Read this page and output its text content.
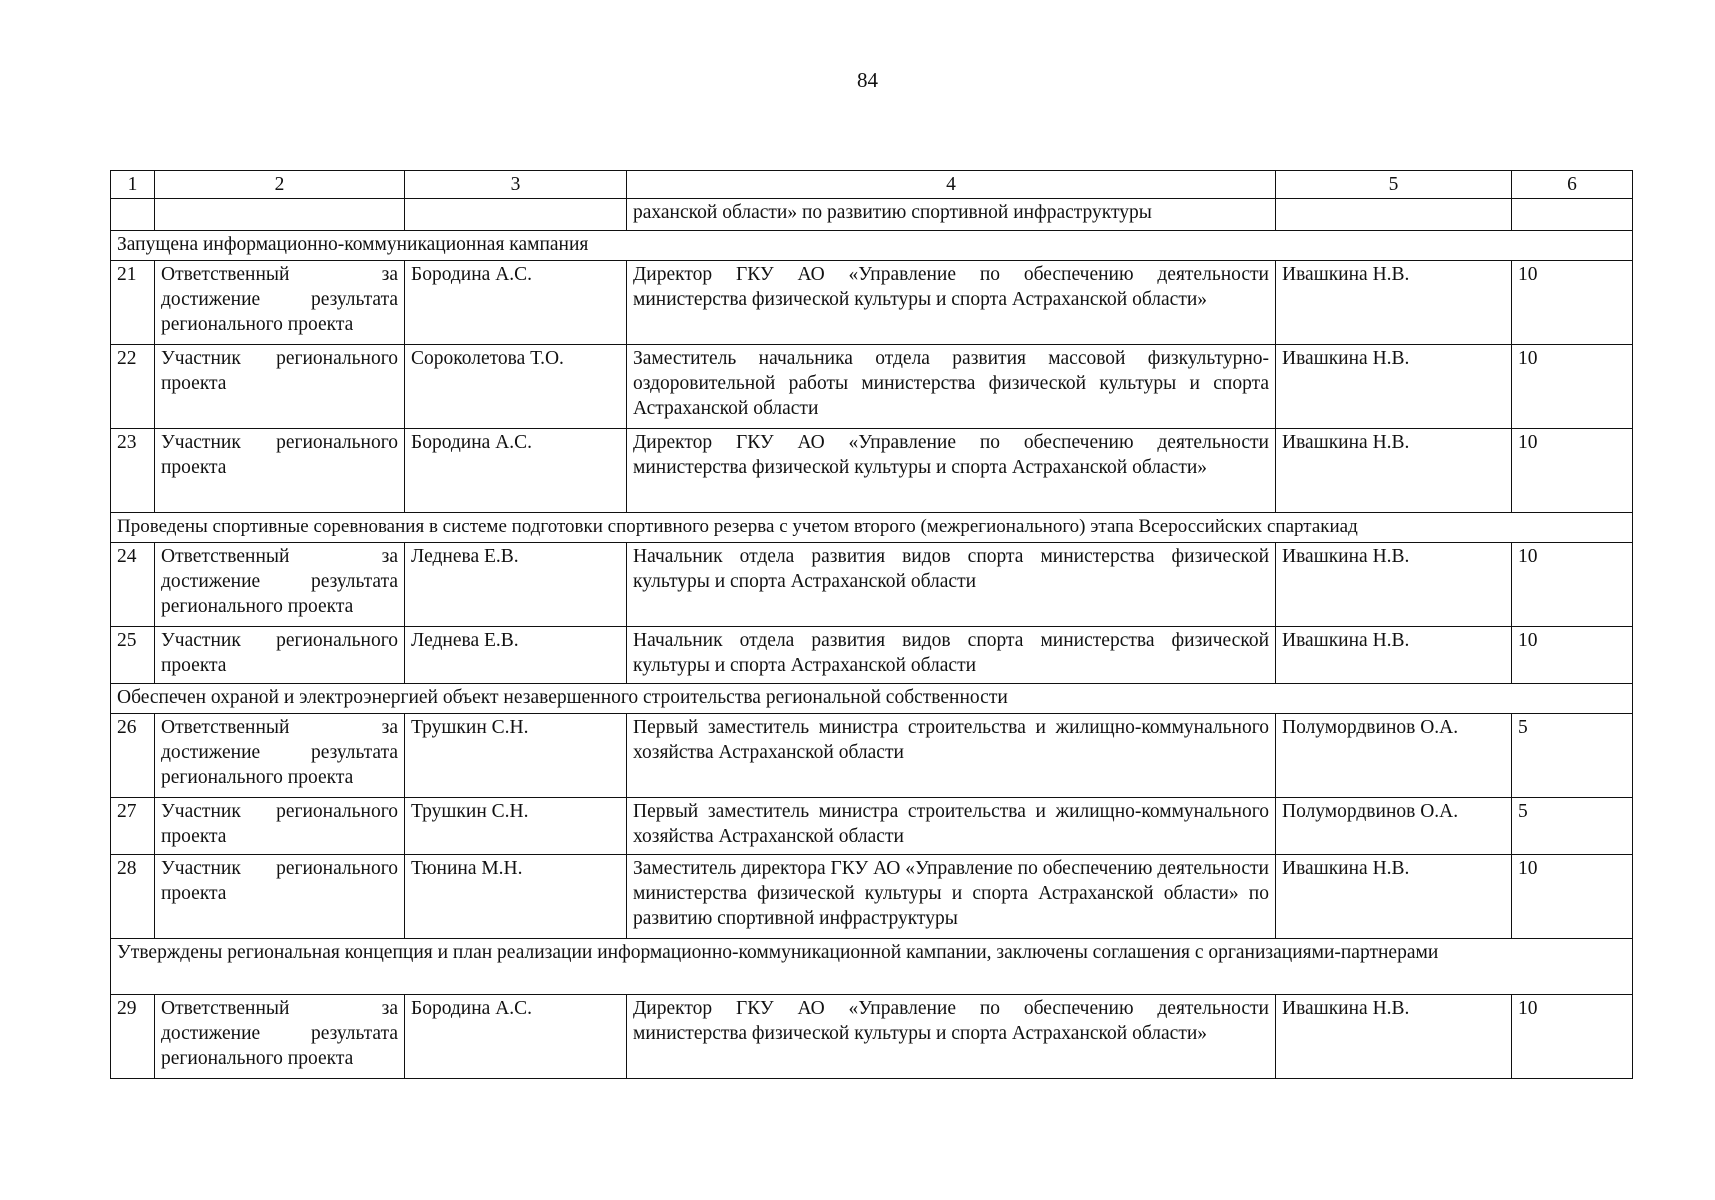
84
1	2	3	4	5	6
			раханской области» по развитию спортивной инфраструктуры		
Запущена информационно-коммуникационная кампания					
21	Ответственный за достижение результата регионального проекта	Бородина А.С.	Директор ГКУ АО «Управление по обеспечению деятельности министерства физической культуры и спорта Астраханской области»	Ивашкина Н.В.	10
22	Участник регионального проекта	Сороколетова Т.О.	Заместитель начальника отдела развития массовой физкультурно-оздоровительной работы министерства физической культуры и спорта Астраханской области	Ивашкина Н.В.	10
23	Участник регионального проекта	Бородина А.С.	Директор ГКУ АО «Управление по обеспечению деятельности министерства физической культуры и спорта Астраханской области»	Ивашкина Н.В.	10
Проведены спортивные соревнования в системе подготовки спортивного резерва с учетом второго (межрегионального) этапа Всероссийских спартакиад					
24	Ответственный за достижение результата регионального проекта	Леднева Е.В.	Начальник отдела развития видов спорта министерства физической культуры и спорта Астраханской области	Ивашкина Н.В.	10
25	Участник регионального проекта	Леднева Е.В.	Начальник отдела развития видов спорта министерства физической культуры и спорта Астраханской области	Ивашкина Н.В.	10
Обеспечен охраной и электроэнергией объект незавершенного строительства региональной собственности					
26	Ответственный за достижение результата регионального проекта	Трушкин С.Н.	Первый заместитель министра строительства и жилищно-коммунального хозяйства Астраханской области	Полумордвинов О.А.	5
27	Участник регионального проекта	Трушкин С.Н.	Первый заместитель министра строительства и жилищно-коммунального хозяйства Астраханской области	Полумордвинов О.А.	5
28	Участник регионального проекта	Тюнина М.Н.	Заместитель директора ГКУ АО «Управление по обеспечению деятельности министерства физической культуры и спорта Астраханской области» по развитию спортивной инфраструктуры	Ивашкина Н.В.	10
Утверждены региональная концепция и план реализации информационно-коммуникационной кампании, заключены соглашения с организациями-партнерами					
29	Ответственный за достижение результата регионального проекта	Бородина А.С.	Директор ГКУ АО «Управление по обеспечению деятельности министерства физической культуры и спорта Астраханской области»	Ивашкина Н.В.	10
